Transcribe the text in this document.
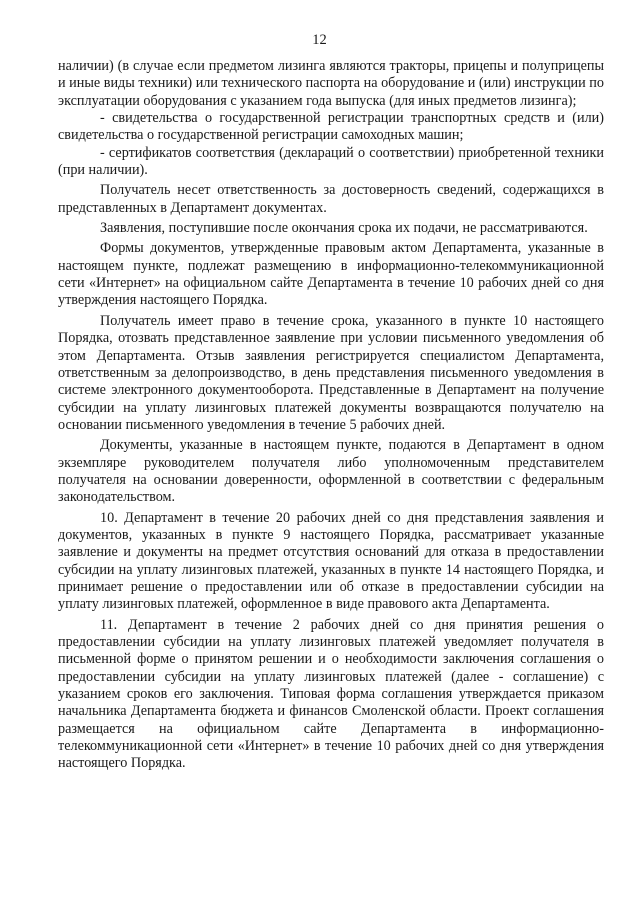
12

наличии) (в случае если предметом лизинга являются тракторы, прицепы и полуприцепы и иные виды техники) или технического паспорта на оборудование и (или) инструкции по эксплуатации оборудования с указанием года выпуска (для иных предметов лизинга);

- свидетельства о государственной регистрации транспортных средств и (или) свидетельства о государственной регистрации самоходных машин;

- сертификатов соответствия (деклараций о соответствии) приобретенной техники (при наличии).

Получатель несет ответственность за достоверность сведений, содержащихся в представленных в Департамент документах.

Заявления, поступившие после окончания срока их подачи, не рассматриваются.

Формы документов, утвержденные правовым актом Департамента, указанные в настоящем пункте, подлежат размещению в информационно-телекоммуникационной сети «Интернет» на официальном сайте Департамента в течение 10 рабочих дней со дня утверждения настоящего Порядка.

Получатель имеет право в течение срока, указанного в пункте 10 настоящего Порядка, отозвать представленное заявление при условии письменного уведомления об этом Департамента. Отзыв заявления регистрируется специалистом Департамента, ответственным за делопроизводство, в день представления письменного уведомления в системе электронного документооборота. Представленные в Департамент на получение субсидии на уплату лизинговых платежей документы возвращаются получателю на основании письменного уведомления в течение 5 рабочих дней.

Документы, указанные в настоящем пункте, подаются в Департамент в одном экземпляре руководителем получателя либо уполномоченным представителем получателя на основании доверенности, оформленной в соответствии с федеральным законодательством.

10. Департамент в течение 20 рабочих дней со дня представления заявления и документов, указанных в пункте 9 настоящего Порядка, рассматривает указанные заявление и документы на предмет отсутствия оснований для отказа в предоставлении субсидии на уплату лизинговых платежей, указанных в пункте 14 настоящего Порядка, и принимает решение о предоставлении или об отказе в предоставлении субсидии на уплату лизинговых платежей, оформленное в виде правового акта Департамента.

11. Департамент в течение 2 рабочих дней со дня принятия решения о предоставлении субсидии на уплату лизинговых платежей уведомляет получателя в письменной форме о принятом решении и о необходимости заключения соглашения о предоставлении субсидии на уплату лизинговых платежей (далее - соглашение) с указанием сроков его заключения. Типовая форма соглашения утверждается приказом начальника Департамента бюджета и финансов Смоленской области. Проект соглашения размещается на официальном сайте Департамента в информационно-телекоммуникационной сети «Интернет» в течение 10 рабочих дней со дня утверждения настоящего Порядка.
